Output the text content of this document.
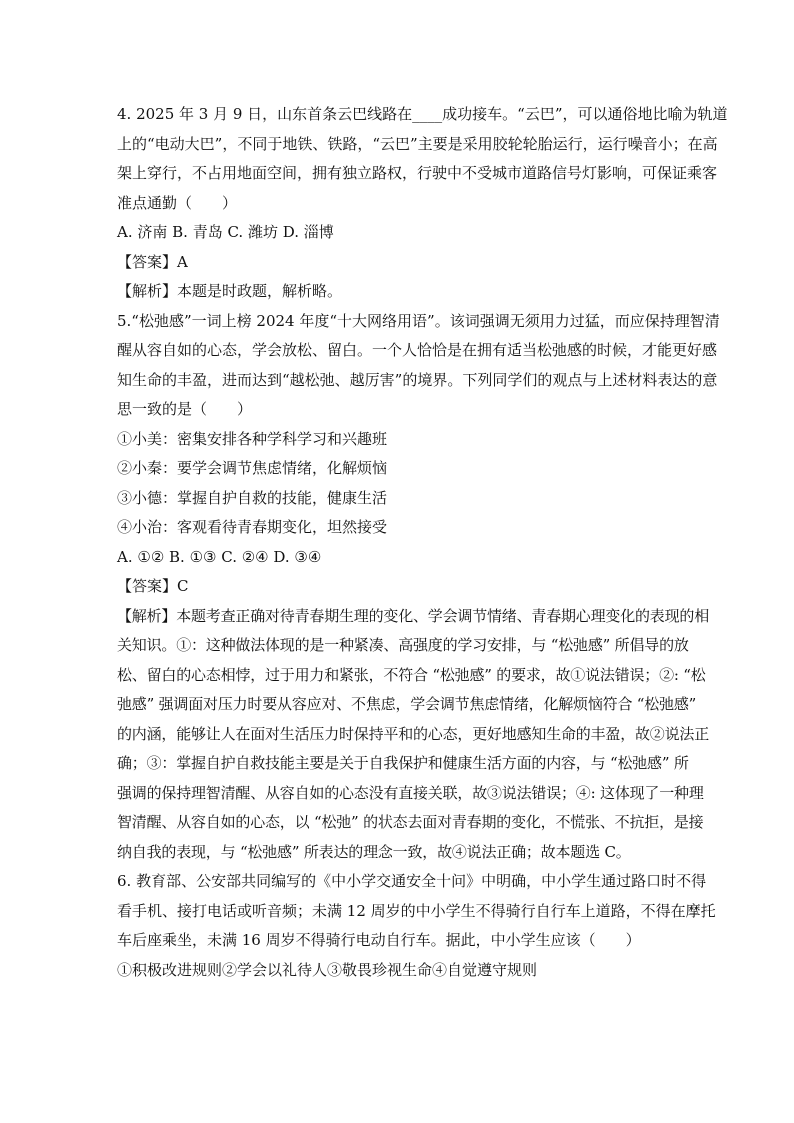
4. 2025 年 3 月 9 日，山东首条云巴线路在____成功接车。“云巴”，可以通俗地比喻为轨道
上的“电动大巴”，不同于地铁、铁路，“云巴”主要是采用胶轮轮胎运行，运行噪音小；在高
架上穿行，不占用地面空间，拥有独立路权，行驶中不受城市道路信号灯影响，可保证乘客
准点通勤（　　）
A. 济南 B. 青岛 C. 潍坊 D. 淄博
【答案】A
【解析】本题是时政题，解析略。
5.“松弛感”一词上榜 2024 年度“十大网络用语”。该词强调无须用力过猛，而应保持理智清
醒从容自如的心态，学会放松、留白。一个人恰恰是在拥有适当松弛感的时候，才能更好感
知生命的丰盈，进而达到“越松弛、越厉害”的境界。下列同学们的观点与上述材料表达的意
思一致的是（　　）
①小美：密集安排各种学科学习和兴趣班
②小秦：要学会调节焦虑情绪，化解烦恼
③小德：掌握自护自救的技能，健康生活
④小治：客观看待青春期变化，坦然接受
A. ①② B. ①③ C. ②④ D. ③④
【答案】C
【解析】本题考查正确对待青春期生理的变化、学会调节情绪、青春期心理变化的表现的相
关知识。①：这种做法体现的是一种紧凑、高强度的学习安排，与 “松弛感” 所倡导的放
松、留白的心态相悖，过于用力和紧张，不符合 “松弛感” 的要求，故①说法错误；②: “松
弛感” 强调面对压力时要从容应对、不焦虑，学会调节焦虑情绪，化解烦恼符合 “松弛感”
的内涵，能够让人在面对生活压力时保持平和的心态，更好地感知生命的丰盈，故②说法正
确；③：掌握自护自救技能主要是关于自我保护和健康生活方面的内容，与 “松弛感” 所
强调的保持理智清醒、从容自如的心态没有直接关联，故③说法错误；④: 这体现了一种理
智清醒、从容自如的心态，以 “松弛” 的状态去面对青春期的变化，不慌张、不抗拒，是接
纳自我的表现，与 “松弛感” 所表达的理念一致，故④说法正确；故本题选 C。
6. 教育部、公安部共同编写的《中小学交通安全十问》中明确，中小学生通过路口时不得
看手机、接打电话或听音频；未满 12 周岁的中小学生不得骑行自行车上道路，不得在摩托
车后座乘坐，未满 16 周岁不得骑行电动自行车。据此，中小学生应该（　　）
①积极改进规则②学会以礼待人③敬畏珍视生命④自觉遵守规则
